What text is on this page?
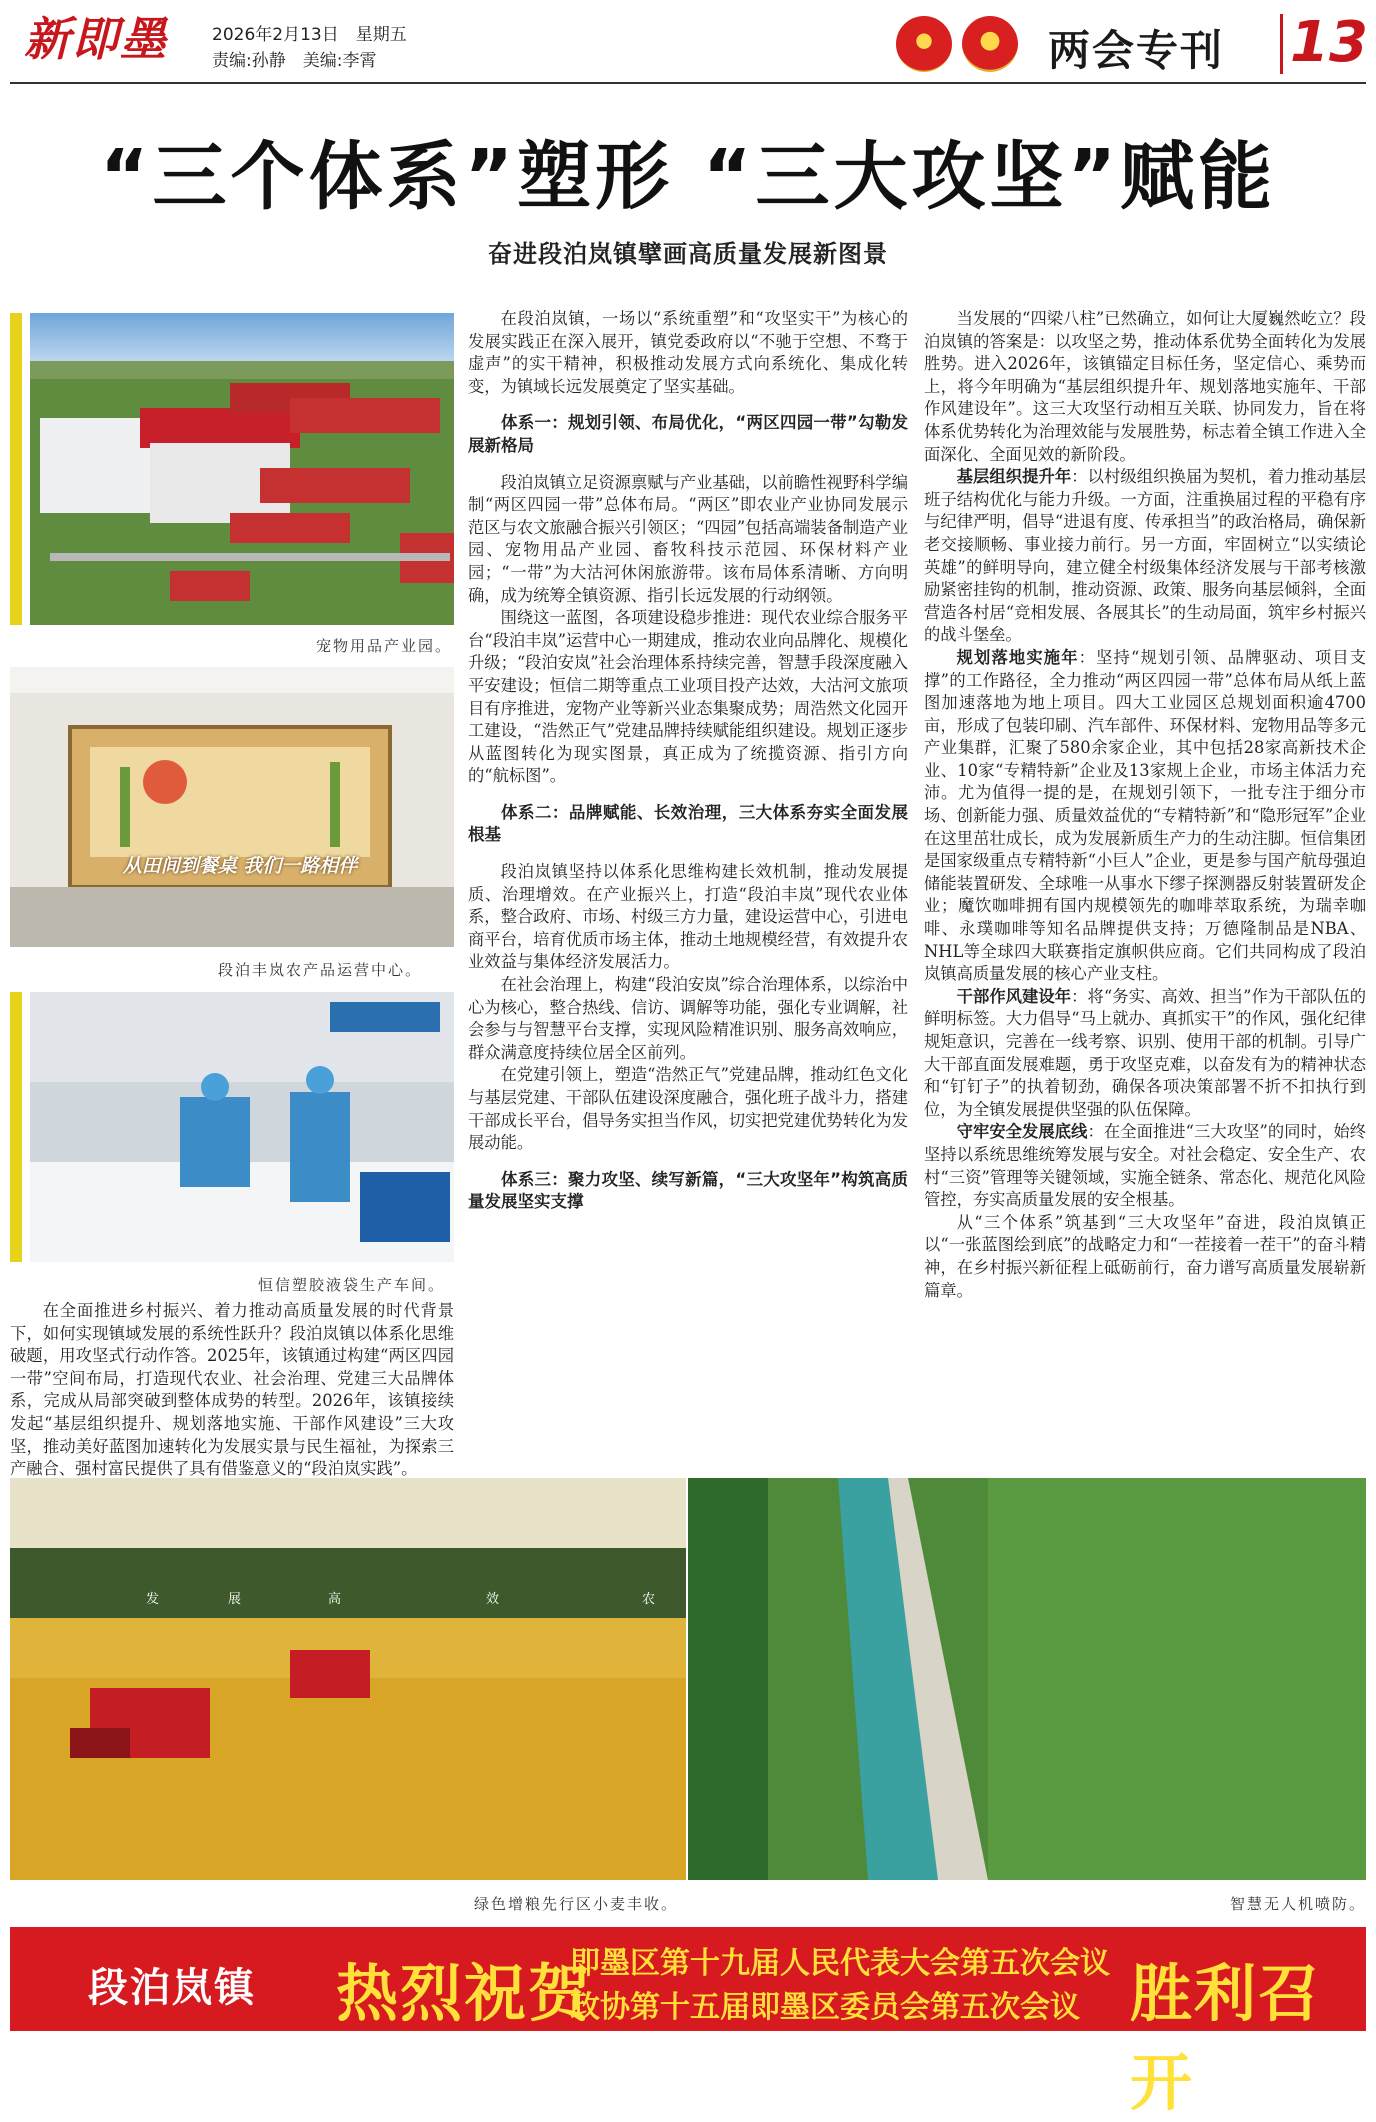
新即墨	2026年2月13日　星期五
责编:孙静　美编:李霄	两会专刊 13
“三个体系”塑形 “三大攻坚”赋能
奋进段泊岚镇擘画高质量发展新图景
宠物用品产业园。
从田间到餐桌 我们一路相伴
段泊丰岚农产品运营中心。
恒信塑胶液袋生产车间。

在全面推进乡村振兴、着力推动高质量发展的时代背景下，如何实现镇域发展的系统性跃升？段泊岚镇以体系化思维破题，用攻坚式行动作答。2025年，该镇通过构建“两区四园一带”空间布局，打造现代农业、社会治理、党建三大品牌体系，完成从局部突破到整体成势的转型。2026年，该镇接续发起“基层组织提升、规划落地实施、干部作风建设”三大攻坚，推动美好蓝图加速转化为发展实景与民生福祉，为探索三产融合、强村富民提供了具有借鉴意义的“段泊岚实践”。

在段泊岚镇，一场以“系统重塑”和“攻坚实干”为核心的发展实践正在深入展开，镇党委政府以“不驰于空想、不骛于虚声”的实干精神，积极推动发展方式向系统化、集成化转变，为镇域长远发展奠定了坚实基础。

体系一：规划引领、布局优化，“两区四园一带”勾勒发展新格局

段泊岚镇立足资源禀赋与产业基础，以前瞻性视野科学编制“两区四园一带”总体布局。“两区”即农业产业协同发展示范区与农文旅融合振兴引领区；“四园”包括高端装备制造产业园、宠物用品产业园、畜牧科技示范园、环保材料产业园；“一带”为大沽河休闲旅游带。该布局体系清晰、方向明确，成为统筹全镇资源、指引长远发展的行动纲领。

围绕这一蓝图，各项建设稳步推进：现代农业综合服务平台“段泊丰岚”运营中心一期建成，推动农业向品牌化、规模化升级；“段泊安岚”社会治理体系持续完善，智慧手段深度融入平安建设；恒信二期等重点工业项目投产达效，大沽河文旅项目有序推进，宠物产业等新兴业态集聚成势；周浩然文化园开工建设，“浩然正气”党建品牌持续赋能组织建设。规划正逐步从蓝图转化为现实图景，真正成为了统揽资源、指引方向的“航标图”。

体系二：品牌赋能、长效治理，三大体系夯实全面发展根基

段泊岚镇坚持以体系化思维构建长效机制，推动发展提质、治理增效。在产业振兴上，打造“段泊丰岚”现代农业体系，整合政府、市场、村级三方力量，建设运营中心，引进电商平台，培育优质市场主体，推动土地规模经营，有效提升农业效益与集体经济发展活力。

在社会治理上，构建“段泊安岚”综合治理体系，以综治中心为核心，整合热线、信访、调解等功能，强化专业调解，社会参与与智慧平台支撑，实现风险精准识别、服务高效响应，群众满意度持续位居全区前列。

在党建引领上，塑造“浩然正气”党建品牌，推动红色文化与基层党建、干部队伍建设深度融合，强化班子战斗力，搭建干部成长平台，倡导务实担当作风，切实把党建优势转化为发展动能。

体系三：聚力攻坚、续写新篇，“三大攻坚年”构筑高质量发展坚实支撑

当发展的“四梁八柱”已然确立，如何让大厦巍然屹立？段泊岚镇的答案是：以攻坚之势，推动体系优势全面转化为发展胜势。进入2026年，该镇锚定目标任务，坚定信心、乘势而上，将今年明确为“基层组织提升年、规划落地实施年、干部作风建设年”。这三大攻坚行动相互关联、协同发力，旨在将体系优势转化为治理效能与发展胜势，标志着全镇工作进入全面深化、全面见效的新阶段。

基层组织提升年：以村级组织换届为契机，着力推动基层班子结构优化与能力升级。一方面，注重换届过程的平稳有序与纪律严明，倡导“进退有度、传承担当”的政治格局，确保新老交接顺畅、事业接力前行。另一方面，牢固树立“以实绩论英雄”的鲜明导向，建立健全村级集体经济发展与干部考核激励紧密挂钩的机制，推动资源、政策、服务向基层倾斜，全面营造各村居“竞相发展、各展其长”的生动局面，筑牢乡村振兴的战斗堡垒。

规划落地实施年：坚持“规划引领、品牌驱动、项目支撑”的工作路径，全力推动“两区四园一带”总体布局从纸上蓝图加速落地为地上项目。四大工业园区总规划面积逾4700亩，形成了包装印刷、汽车部件、环保材料、宠物用品等多元产业集群，汇聚了580余家企业，其中包括28家高新技术企业、10家“专精特新”企业及13家规上企业，市场主体活力充沛。尤为值得一提的是，在规划引领下，一批专注于细分市场、创新能力强、质量效益优的“专精特新”和“隐形冠军”企业在这里茁壮成长，成为发展新质生产力的生动注脚。恒信集团是国家级重点专精特新“小巨人”企业，更是参与国产航母强迫储能装置研发、全球唯一从事水下缪子探测器反射装置研发企业；魔饮咖啡拥有国内规模领先的咖啡萃取系统，为瑞幸咖啡、永璞咖啡等知名品牌提供支持；万德隆制品是NBA、NHL等全球四大联赛指定旗帜供应商。它们共同构成了段泊岚镇高质量发展的核心产业支柱。

干部作风建设年：将“务实、高效、担当”作为干部队伍的鲜明标签。大力倡导“马上就办、真抓实干”的作风，强化纪律规矩意识，完善在一线考察、识别、使用干部的机制。引导广大干部直面发展难题，勇于攻坚克难，以奋发有为的精神状态和“钉钉子”的执着韧劲，确保各项决策部署不折不扣执行到位，为全镇发展提供坚强的队伍保障。

守牢安全发展底线：在全面推进“三大攻坚”的同时，始终坚持以系统思维统筹发展与安全。对社会稳定、安全生产、农村“三资”管理等关键领域，实施全链条、常态化、规范化风险管控，夯实高质量发展的安全根基。

从“三个体系”筑基到“三大攻坚年”奋进，段泊岚镇正以“一张蓝图绘到底”的战略定力和“一茬接着一茬干”的奋斗精神，在乡村振兴新征程上砥砺前行，奋力谱写高质量发展崭新篇章。

发	展	高	效	农
绿色增粮先行区小麦丰收。	智慧无人机喷防。
段泊岚镇 热烈祝贺
即墨区第十九届人民代表大会第五次会议
政协第十五届即墨区委员会第五次会议 胜利召开
